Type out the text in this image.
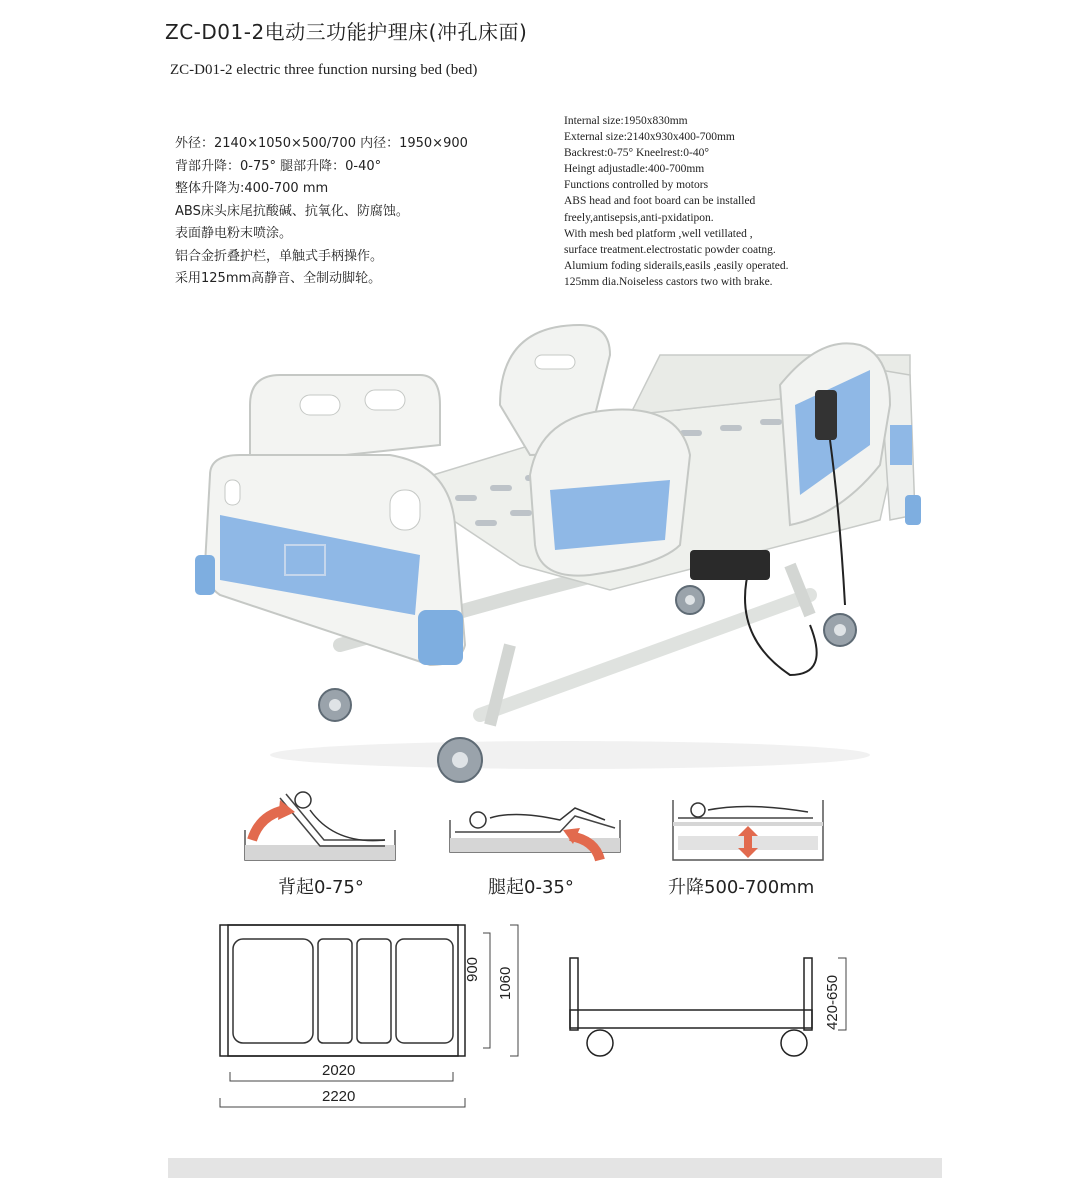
ZC-D01-2电动三功能护理床(冲孔床面)
ZC-D01-2 electric three function nursing bed (bed)
外径：2140×1050×500/700 内径：1950×900
背部升降：0-75° 腿部升降：0-40°
整体升降为:400-700 mm
ABS床头床尾抗酸碱、抗氧化、防腐蚀。
表面静电粉末喷涂。
铝合金折叠护栏，单触式手柄操作。
采用125mm高静音、全制动脚轮。
Internal size:1950x830mm
External size:2140x930x400-700mm
Backrest:0-75° Kneelrest:0-40°
Heingt adjustadle:400-700mm
Functions controlled by motors
ABS head and foot board can be installed
freely,antisepsis,anti-pxidatipon.
With mesh bed platform ,well vetillated ,
surface treatment.electrostatic powder coatng.
Alumium foding siderails,easils ,easily operated.
125mm dia.Noiseless castors two with brake.
背起0-75°	腿起0-35°	升降500-700mm
2020
2220
900 1060	420-650
